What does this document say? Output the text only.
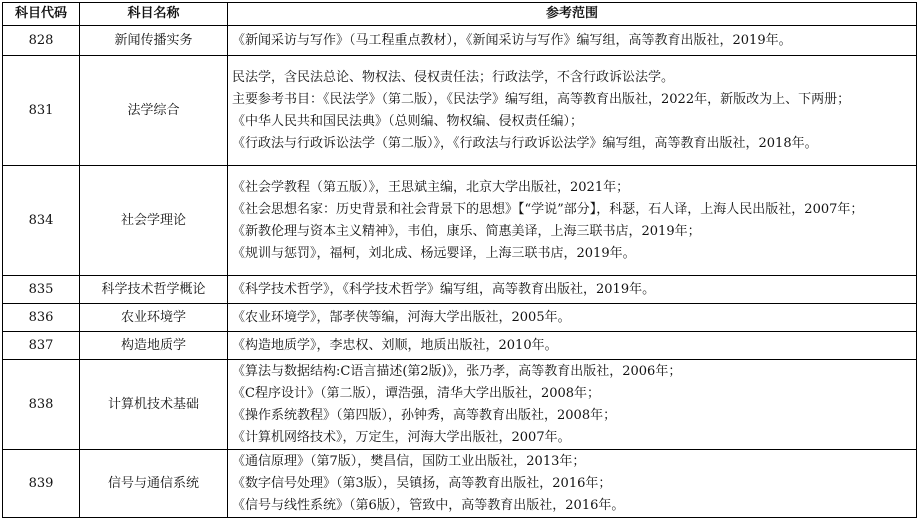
科目代码	科目名称	参考范围
828	新闻传播实务	《新闻采访与写作》（马工程重点教材），《新闻采访与写作》编写组，高等教育出版社，2019年。

831	法学综合	民法学，含民法总论、物权法、侵权责任法；行政法学，不含行政诉讼法学。
主要参考书目：《民法学》（第二版），《民法学》编写组，高等教育出版社，2022年，新版改为上、下两册；
《中华人民共和国民法典》（总则编、物权编、侵权责任编）；
《行政法与行政诉讼法学（第二版）》，《行政法与行政诉讼法学》编写组，高等教育出版社，2018年。

834	社会学理论	《社会学教程（第五版）》，王思斌主编，北京大学出版社，2021年；
《社会思想名家：历史背景和社会背景下的思想》【“学说”部分】，科瑟，石人译，上海人民出版社，2007年；
《新教伦理与资本主义精神》，韦伯，康乐、简惠美译，上海三联书店，2019年；
《规训与惩罚》，福柯，刘北成、杨远婴译，上海三联书店，2019年。

835	科学技术哲学概论	《科学技术哲学》，《科学技术哲学》编写组，高等教育出版社，2019年。

836	农业环境学	《农业环境学》，郜孝侠等编，河海大学出版社，2005年。

837	构造地质学	《构造地质学》，李忠权、刘顺，地质出版社，2010年。

838	计算机技术基础	《算法与数据结构:C语言描述(第2版)》，张乃孝，高等教育出版社，2006年；
《C程序设计》（第二版），谭浩强，清华大学出版社，2008年；
《操作系统教程》（第四版），孙钟秀，高等教育出版社，2008年；
《计算机网络技术》，万定生，河海大学出版社，2007年。

839	信号与通信系统	《通信原理》（第7版），樊昌信，国防工业出版社，2013年；
《数字信号处理》（第3版），吴镇扬，高等教育出版社，2016年；
《信号与线性系统》（第6版），管致中，高等教育出版社，2016年。
